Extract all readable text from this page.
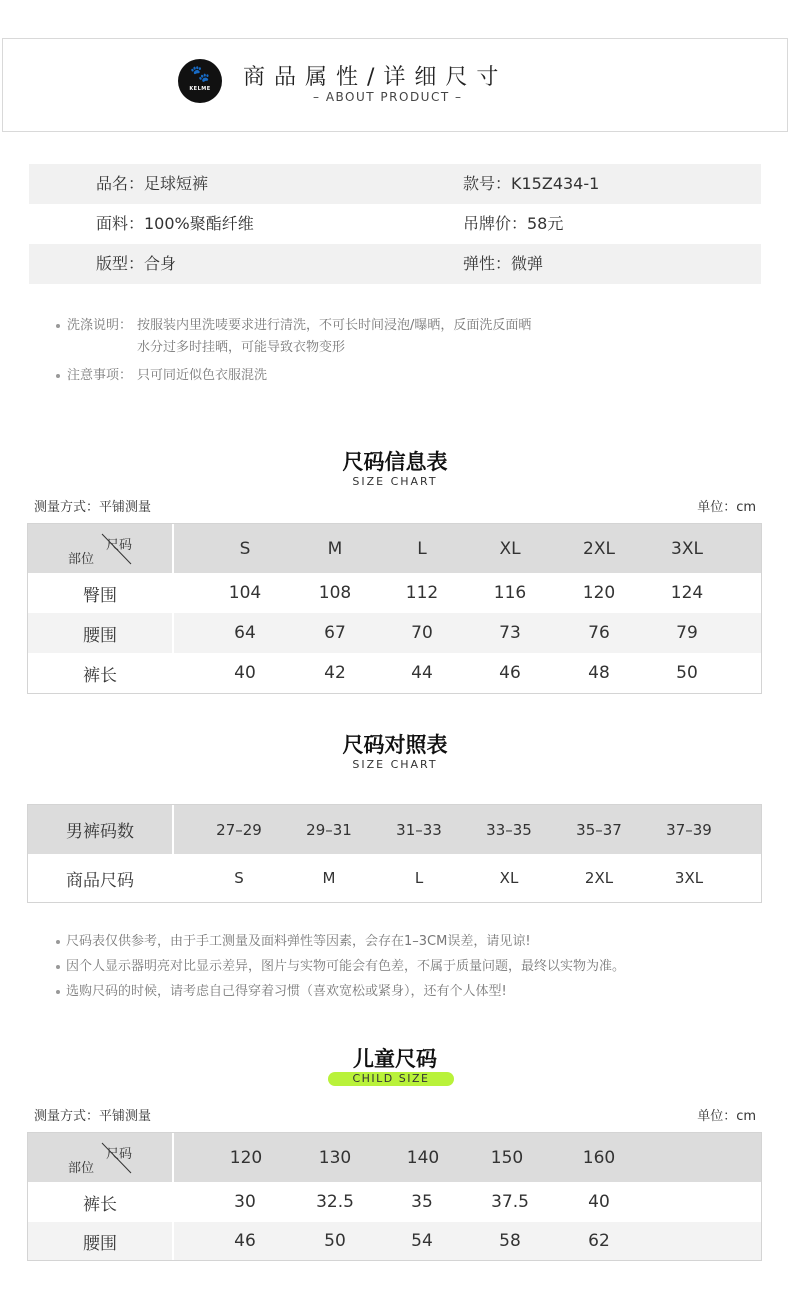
🐾
KELME	商品属性/详细尺寸
– ABOUT PRODUCT –
品名：足球短裤	款号：K15Z434-1
面料：100%聚酯纤维	吊牌价：58元
版型：合身	弹性：微弹
洗涤说明： 按服装内里洗唛要求进行清洗，不可长时间浸泡/曝晒，反面洗反面晒
水分过多时挂晒，可能导致衣物变形
注意事项： 只可同近似色衣服混洗
尺码信息表
SIZE CHART
测量方式：平铺测量	单位：cm
尺码
部位
S	M	L	XL	2XL	3XL
臀围	104	108	112	116	120	124
腰围	64	67	70	73	76	79
裤长	40	42	44	46	48	50
尺码对照表
SIZE CHART
男裤码数	27–29	29–31	31–33	33–35	35–37	37–39
商品尺码	S	M	L	XL	2XL	3XL
尺码表仅供参考，由于手工测量及面料弹性等因素，会存在1–3CM误差，请见谅!
因个人显示器明亮对比显示差异，图片与实物可能会有色差，不属于质量问题，最终以实物为准。
选购尺码的时候，请考虑自己得穿着习惯（喜欢宽松或紧身），还有个人体型!
儿童尺码
CHILD SIZE
测量方式：平铺测量	单位：cm
尺码
部位
120	130	140	150	160
裤长	30	32.5	35	37.5	40
腰围	46	50	54	58	62
